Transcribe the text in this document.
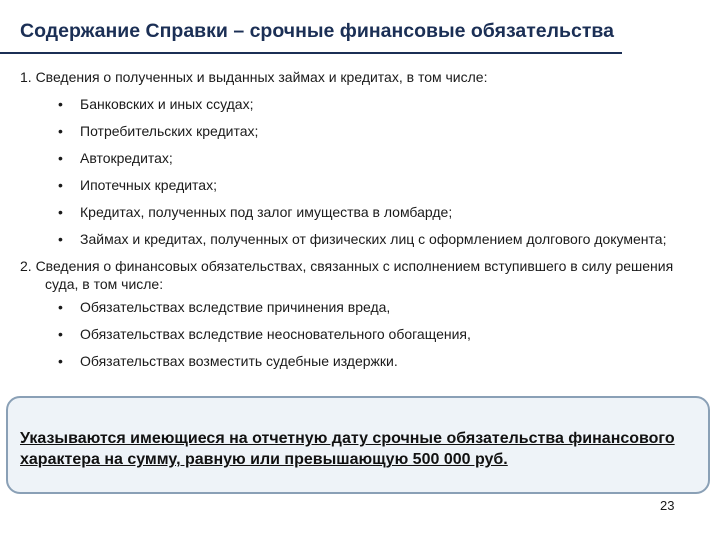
Содержание Справки – срочные финансовые обязательства
1. Сведения о полученных и выданных займах и кредитах, в том числе:
• Банковских и иных ссудах;
• Потребительских кредитах;
• Автокредитах;
• Ипотечных кредитах;
• Кредитах, полученных под залог имущества в ломбарде;
• Займах и кредитах, полученных от физических лиц с оформлением долгового документа;
2. Сведения о финансовых обязательствах, связанных с исполнением вступившего в силу решения суда, в том числе:
• Обязательствах вследствие причинения вреда,
• Обязательствах вследствие неосновательного обогащения,
• Обязательствах возместить судебные издержки.
Указываются имеющиеся на отчетную дату срочные обязательства финансового характера на сумму, равную или превышающую 500 000 руб.
23
